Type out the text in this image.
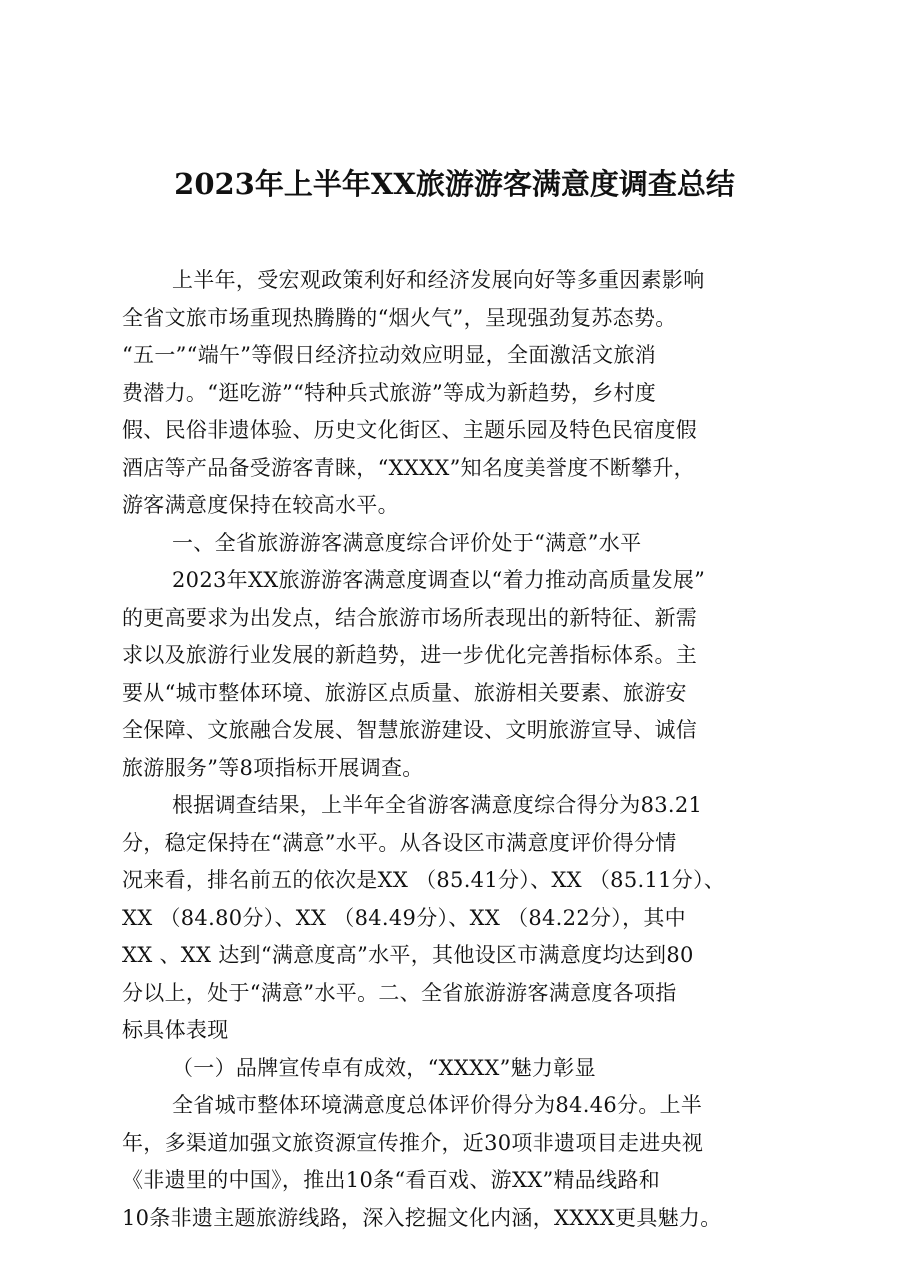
2023年上半年XX旅游游客满意度调查总结
上半年，受宏观政策利好和经济发展向好等多重因素影响
全省文旅市场重现热腾腾的“烟火气”，呈现强劲复苏态势。
“五一”“端午”等假日经济拉动效应明显，全面激活文旅消
费潜力。“逛吃游”“特种兵式旅游”等成为新趋势，乡村度
假、民俗非遗体验、历史文化街区、主题乐园及特色民宿度假
酒店等产品备受游客青睐，“XXXX”知名度美誉度不断攀升，
游客满意度保持在较高水平。
一、全省旅游游客满意度综合评价处于“满意”水平
2023年XX旅游游客满意度调查以“着力推动高质量发展”
的更高要求为出发点，结合旅游市场所表现出的新特征、新需
求以及旅游行业发展的新趋势，进一步优化完善指标体系。主
要从“城市整体环境、旅游区点质量、旅游相关要素、旅游安
全保障、文旅融合发展、智慧旅游建设、文明旅游宣导、诚信
旅游服务”等8项指标开展调查。
根据调查结果，上半年全省游客满意度综合得分为83.21
分，稳定保持在“满意”水平。从各设区市满意度评价得分情
况来看，排名前五的依次是XX （85.41分）、XX （85.11分）、
XX （84.80分）、XX （84.49分）、XX （84.22分），其中
XX 、XX 达到“满意度高”水平，其他设区市满意度均达到80
分以上，处于“满意”水平。二、全省旅游游客满意度各项指
标具体表现
（一）品牌宣传卓有成效，“XXXX”魅力彰显
全省城市整体环境满意度总体评价得分为84.46分。上半
年，多渠道加强文旅资源宣传推介，近30项非遗项目走进央视
《非遗里的中国》，推出10条“看百戏、游XX”精品线路和
10条非遗主题旅游线路，深入挖掘文化内涵，XXXX更具魅力。
